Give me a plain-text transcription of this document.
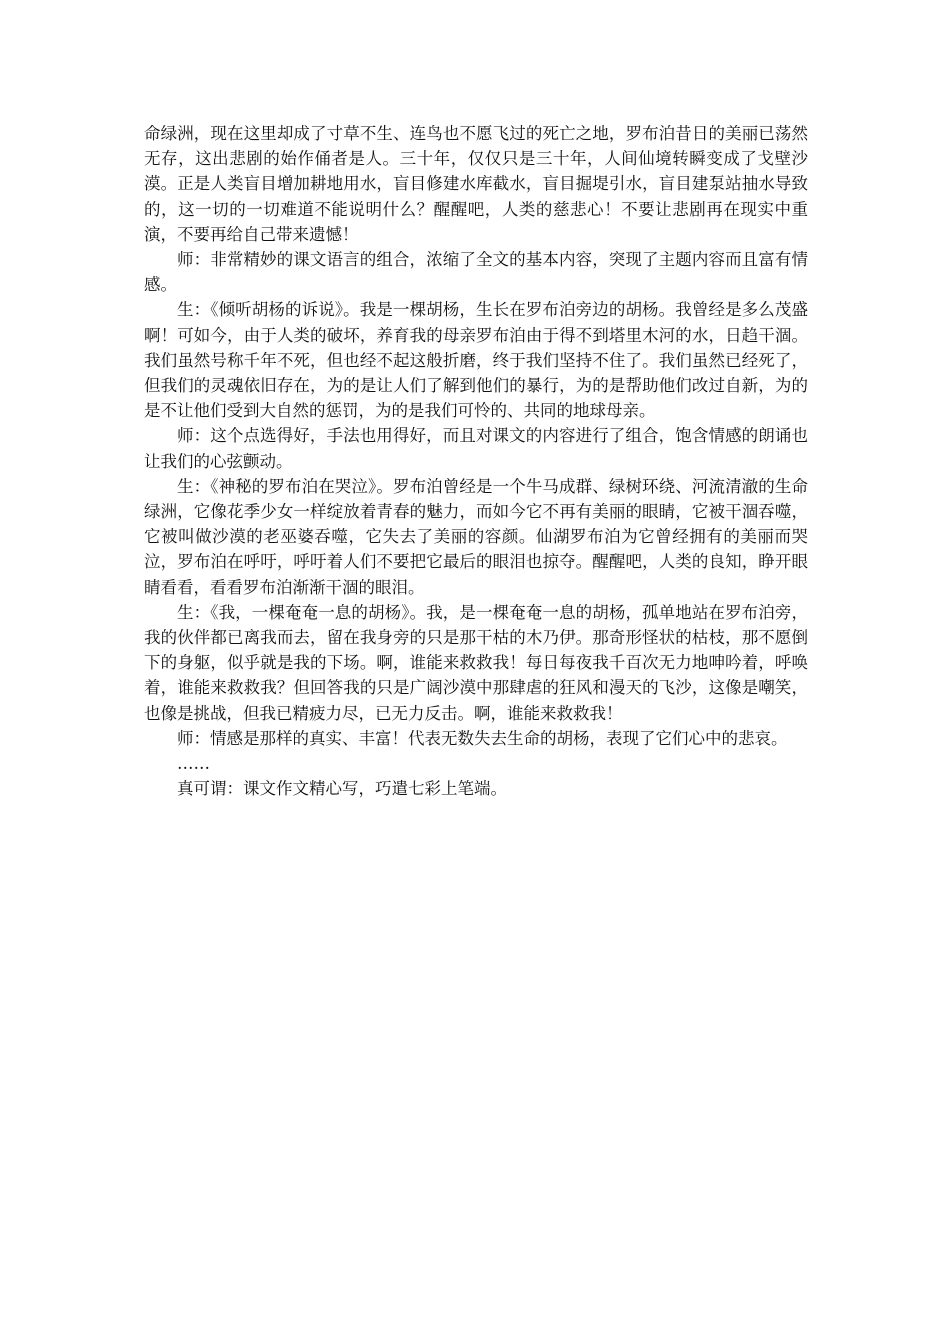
命绿洲，现在这里却成了寸草不生、连鸟也不愿飞过的死亡之地，罗布泊昔日的美丽已荡然无存，这出悲剧的始作俑者是人。三十年，仅仅只是三十年，人间仙境转瞬变成了戈壁沙漠。正是人类盲目增加耕地用水，盲目修建水库截水，盲目掘堤引水，盲目建泵站抽水导致的，这一切的一切难道不能说明什么？醒醒吧，人类的慈悲心！不要让悲剧再在现实中重演，不要再给自己带来遗憾！

师：非常精妙的课文语言的组合，浓缩了全文的基本内容，突现了主题内容而且富有情感。

生：《倾听胡杨的诉说》。我是一棵胡杨，生长在罗布泊旁边的胡杨。我曾经是多么茂盛啊！可如今，由于人类的破坏，养育我的母亲罗布泊由于得不到塔里木河的水，日趋干涸。我们虽然号称千年不死，但也经不起这般折磨，终于我们坚持不住了。我们虽然已经死了，但我们的灵魂依旧存在，为的是让人们了解到他们的暴行，为的是帮助他们改过自新，为的是不让他们受到大自然的惩罚，为的是我们可怜的、共同的地球母亲。

师：这个点选得好，手法也用得好，而且对课文的内容进行了组合，饱含情感的朗诵也让我们的心弦颤动。

生：《神秘的罗布泊在哭泣》。罗布泊曾经是一个牛马成群、绿树环绕、河流清澈的生命绿洲，它像花季少女一样绽放着青春的魅力，而如今它不再有美丽的眼睛，它被干涸吞噬，它被叫做沙漠的老巫婆吞噬，它失去了美丽的容颜。仙湖罗布泊为它曾经拥有的美丽而哭泣，罗布泊在呼吁，呼吁着人们不要把它最后的眼泪也掠夺。醒醒吧，人类的良知，睁开眼睛看看，看看罗布泊渐渐干涸的眼泪。

生：《我，一棵奄奄一息的胡杨》。我，是一棵奄奄一息的胡杨，孤单地站在罗布泊旁，我的伙伴都已离我而去，留在我身旁的只是那干枯的木乃伊。那奇形怪状的枯枝，那不愿倒下的身躯，似乎就是我的下场。啊，谁能来救救我！每日每夜我千百次无力地呻吟着，呼唤着，谁能来救救我？但回答我的只是广阔沙漠中那肆虐的狂风和漫天的飞沙，这像是嘲笑，也像是挑战，但我已精疲力尽，已无力反击。啊，谁能来救救我！

师：情感是那样的真实、丰富！代表无数失去生命的胡杨，表现了它们心中的悲哀。

……

真可谓：课文作文精心写，巧遣七彩上笔端。
